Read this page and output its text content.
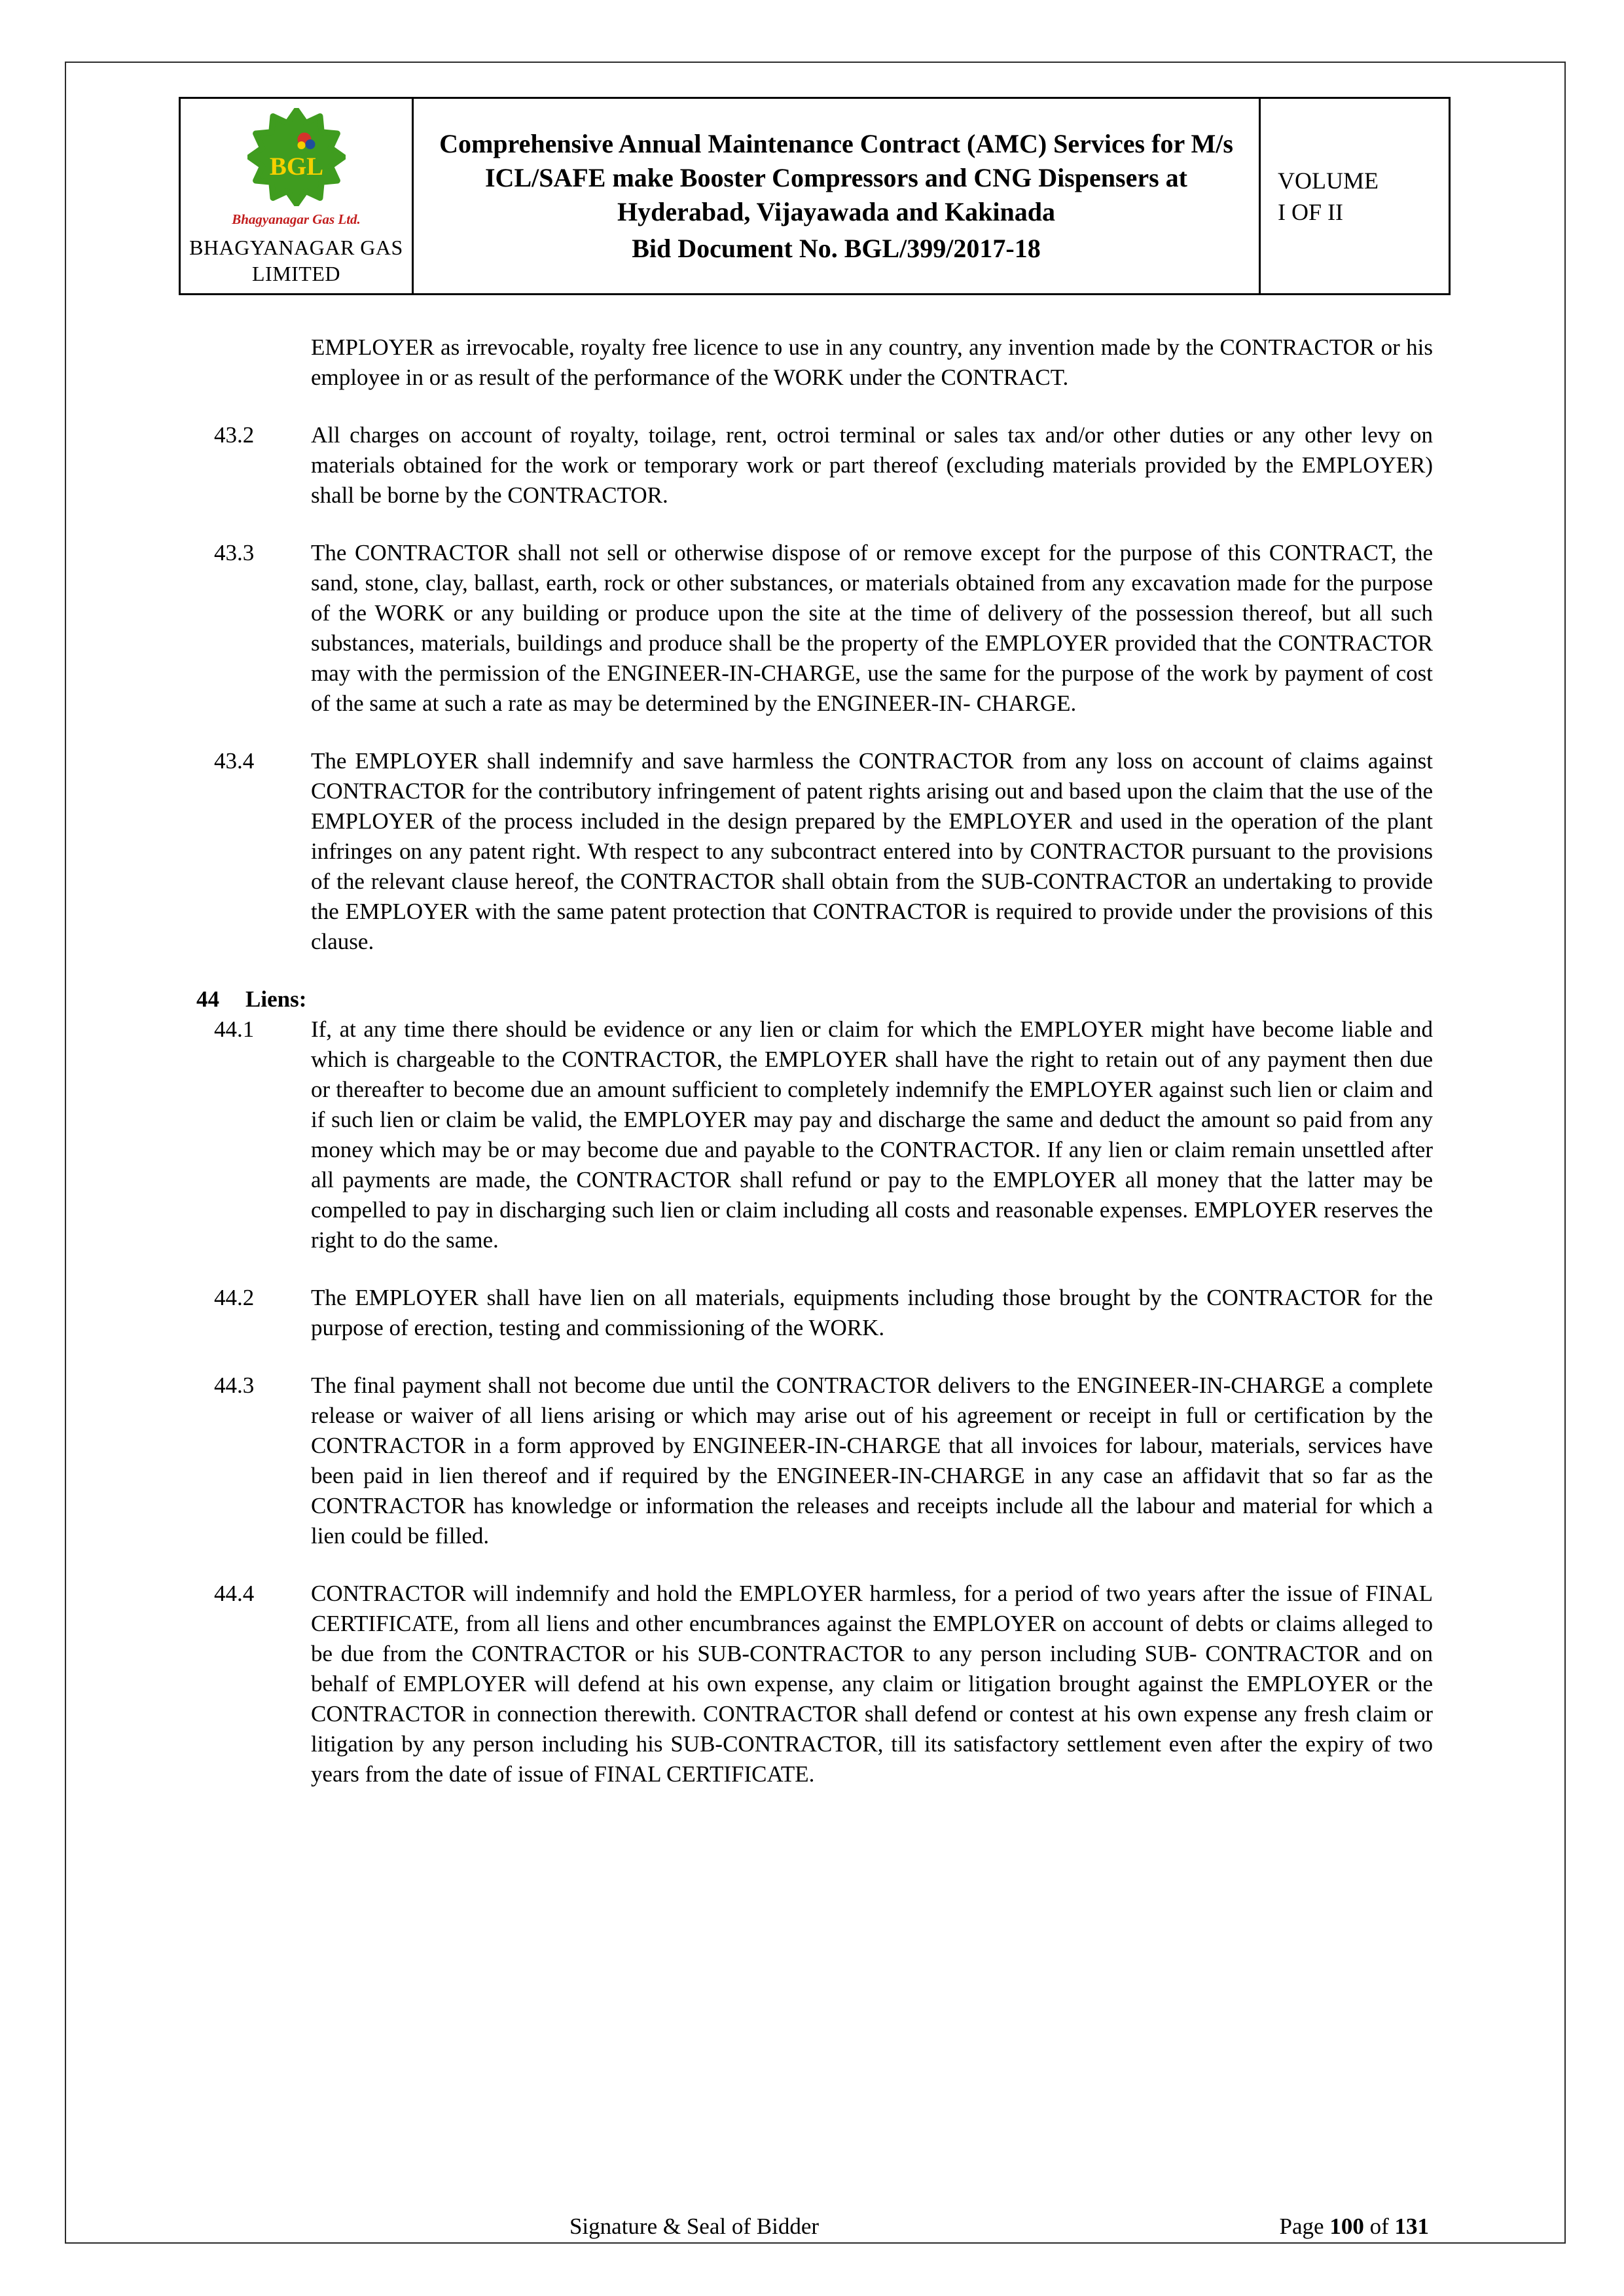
BGL
Bhagyanagar Gas Ltd.
BHAGYANAGAR GAS LIMITED

Comprehensive Annual Maintenance Contract (AMC) Services for M/s ICL/SAFE make Booster Compressors and CNG Dispensers at Hyderabad, Vijayawada and Kakinada
Bid Document No. BGL/399/2017-18

VOLUME
I OF II

EMPLOYER as irrevocable, royalty free licence to use in any country, any invention made by the CONTRACTOR or his employee in or as result of the performance of the WORK under the CONTRACT.

43.2	All charges on account of royalty, toilage, rent, octroi terminal or sales tax and/or other duties or any other levy on materials obtained for the work or temporary work or part thereof (excluding materials provided by the EMPLOYER) shall be borne by the CONTRACTOR.

43.3	The CONTRACTOR shall not sell or otherwise dispose of or remove except for the purpose of this CONTRACT, the sand, stone, clay, ballast, earth, rock or other substances, or materials obtained from any excavation made for the purpose of the WORK or any building or produce upon the site at the time of delivery of the possession thereof, but all such substances, materials, buildings and produce shall be the property of the EMPLOYER provided that the CONTRACTOR may with the permission of the ENGINEER-IN-CHARGE, use the same for the purpose of the work by payment of cost of the same at such a rate as may be determined by the ENGINEER-IN- CHARGE.

43.4	The EMPLOYER shall indemnify and save harmless the CONTRACTOR from any loss on account of claims against CONTRACTOR for the contributory infringement of patent rights arising out and based upon the claim that the use of the EMPLOYER of the process included in the design prepared by the EMPLOYER and used in the operation of the plant infringes on any patent right. Wth respect to any subcontract entered into by CONTRACTOR pursuant to the provisions of the relevant clause hereof, the CONTRACTOR shall obtain from the SUB-CONTRACTOR an undertaking to provide the EMPLOYER with the same patent protection that CONTRACTOR is required to provide under the provisions of this clause.

44	Liens:
44.1	If, at any time there should be evidence or any lien or claim for which the EMPLOYER might have become liable and which is chargeable to the CONTRACTOR, the EMPLOYER shall have the right to retain out of any payment then due or thereafter to become due an amount sufficient to completely indemnify the EMPLOYER against such lien or claim and if such lien or claim be valid, the EMPLOYER may pay and discharge the same and deduct the amount so paid from any money which may be or may become due and payable to the CONTRACTOR. If any lien or claim remain unsettled after all payments are made, the CONTRACTOR shall refund or pay to the EMPLOYER all money that the latter may be compelled to pay in discharging such lien or claim including all costs and reasonable expenses. EMPLOYER reserves the right to do the same.

44.2	The EMPLOYER shall have lien on all materials, equipments including those brought by the CONTRACTOR for the purpose of erection, testing and commissioning of the WORK.

44.3	The final payment shall not become due until the CONTRACTOR delivers to the ENGINEER-IN-CHARGE a complete release or waiver of all liens arising or which may arise out of his agreement or receipt in full or certification by the CONTRACTOR in a form approved by ENGINEER-IN-CHARGE that all invoices for labour, materials, services have been paid in lien thereof and if required by the ENGINEER-IN-CHARGE in any case an affidavit that so far as the CONTRACTOR has knowledge or information the releases and receipts include all the labour and material for which a lien could be filled.

44.4	CONTRACTOR will indemnify and hold the EMPLOYER harmless, for a period of two years after the issue of FINAL CERTIFICATE, from all liens and other encumbrances against the EMPLOYER on account of debts or claims alleged to be due from the CONTRACTOR or his SUB-CONTRACTOR to any person including SUB- CONTRACTOR and on behalf of EMPLOYER will defend at his own expense, any claim or litigation brought against the EMPLOYER or the CONTRACTOR in connection therewith. CONTRACTOR shall defend or contest at his own expense any fresh claim or litigation by any person including his SUB-CONTRACTOR, till its satisfactory settlement even after the expiry of two years from the date of issue of FINAL CERTIFICATE.

Signature & Seal of Bidder	Page 100 of 131
